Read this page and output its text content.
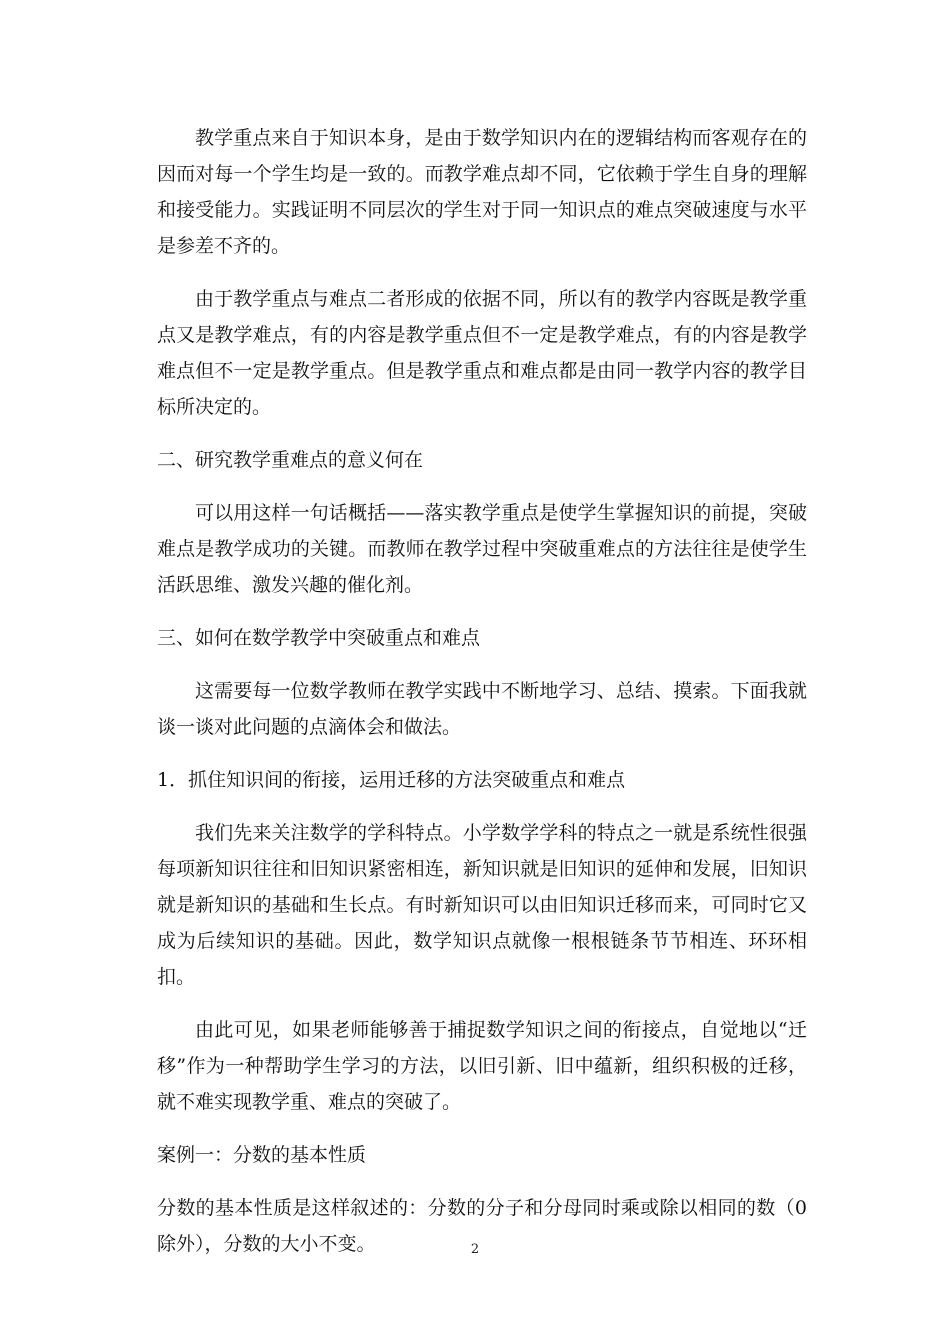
教学重点来自于知识本身，是由于数学知识内在的逻辑结构而客观存在的因而对每一个学生均是一致的。而教学难点却不同，它依赖于学生自身的理解和接受能力。实践证明不同层次的学生对于同一知识点的难点突破速度与水平是参差不齐的。

由于教学重点与难点二者形成的依据不同，所以有的教学内容既是教学重点又是教学难点，有的内容是教学重点但不一定是教学难点，有的内容是教学难点但不一定是教学重点。但是教学重点和难点都是由同一教学内容的教学目标所决定的。

二、研究教学重难点的意义何在

可以用这样一句话概括——落实教学重点是使学生掌握知识的前提，突破难点是教学成功的关键。而教师在教学过程中突破重难点的方法往往是使学生活跃思维、激发兴趣的催化剂。

三、如何在数学教学中突破重点和难点

这需要每一位数学教师在教学实践中不断地学习、总结、摸索。下面我就谈一谈对此问题的点滴体会和做法。

1．抓住知识间的衔接，运用迁移的方法突破重点和难点

我们先来关注数学的学科特点。小学数学学科的特点之一就是系统性很强每项新知识往往和旧知识紧密相连，新知识就是旧知识的延伸和发展，旧知识就是新知识的基础和生长点。有时新知识可以由旧知识迁移而来，可同时它又成为后续知识的基础。因此，数学知识点就像一根根链条节节相连、环环相扣。

由此可见，如果老师能够善于捕捉数学知识之间的衔接点，自觉地以“迁移”作为一种帮助学生学习的方法，以旧引新、旧中蕴新，组织积极的迁移，就不难实现教学重、难点的突破了。

案例一：分数的基本性质

分数的基本性质是这样叙述的：分数的分子和分母同时乘或除以相同的数（0除外），分数的大小不变。	2
